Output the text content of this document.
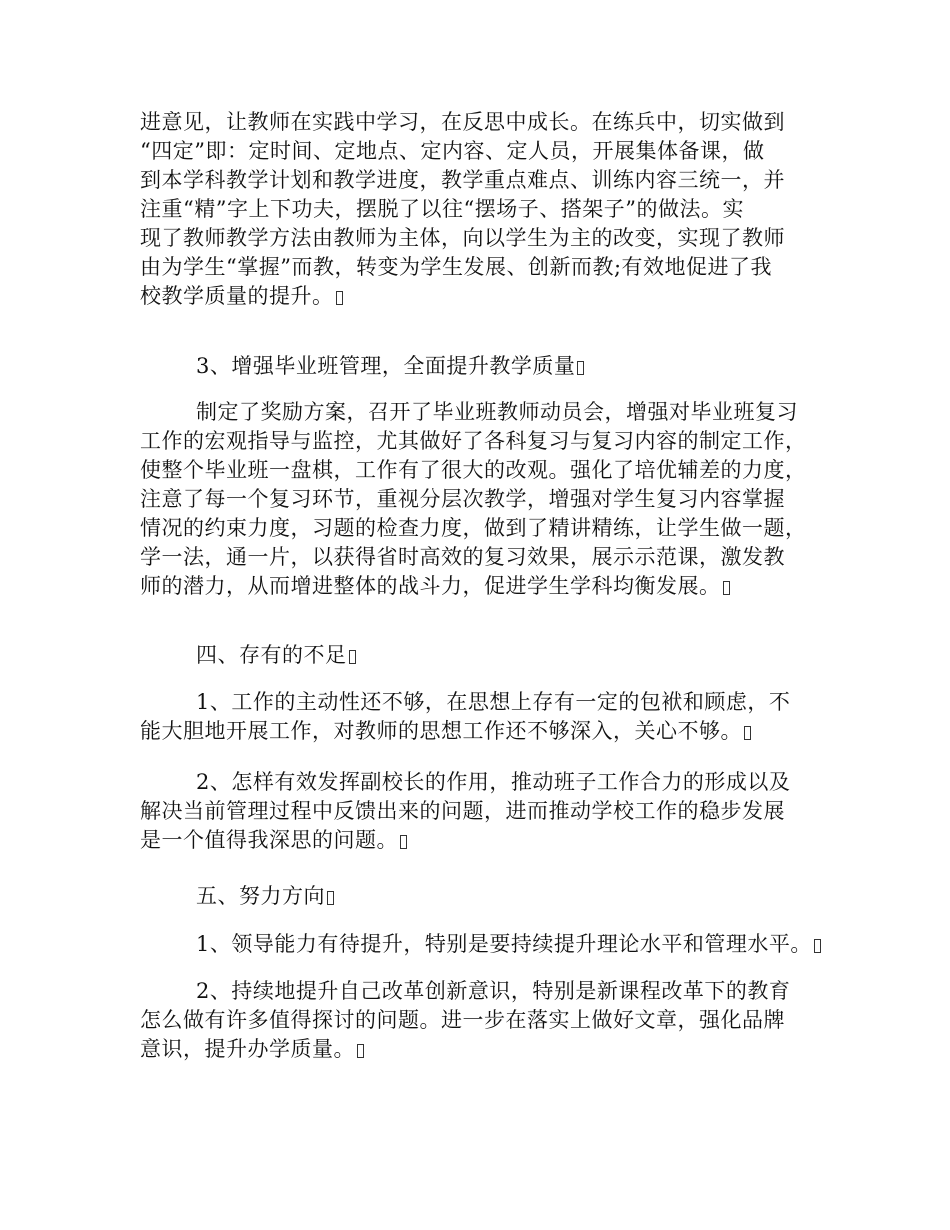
进意见，让教师在实践中学习，在反思中成长。在练兵中，切实做到
“四定”即：定时间、定地点、定内容、定人员，开展集体备课，做
到本学科教学计划和教学进度，教学重点难点、训练内容三统一，并
注重“精”字上下功夫，摆脱了以往“摆场子、搭架子”的做法。实
现了教师教学方法由教师为主体，向以学生为主的改变，实现了教师
由为学生“掌握”而教，转变为学生发展、创新而教;有效地促进了我
校教学质量的提升。
3、增强毕业班管理，全面提升教学质量
制定了奖励方案，召开了毕业班教师动员会，增强对毕业班复习
工作的宏观指导与监控，尤其做好了各科复习与复习内容的制定工作，
使整个毕业班一盘棋，工作有了很大的改观。强化了培优辅差的力度，
注意了每一个复习环节，重视分层次教学，增强对学生复习内容掌握
情况的约束力度，习题的检查力度，做到了精讲精练，让学生做一题，
学一法，通一片，以获得省时高效的复习效果，展示示范课，激发教
师的潜力，从而增进整体的战斗力，促进学生学科均衡发展。
四、存有的不足
1、工作的主动性还不够，在思想上存有一定的包袱和顾虑，不
能大胆地开展工作，对教师的思想工作还不够深入，关心不够。
2、怎样有效发挥副校长的作用，推动班子工作合力的形成以及
解决当前管理过程中反馈出来的问题，进而推动学校工作的稳步发展
是一个值得我深思的问题。
五、努力方向
1、领导能力有待提升，特别是要持续提升理论水平和管理水平。
2、持续地提升自己改革创新意识，特别是新课程改革下的教育
怎么做有许多值得探讨的问题。进一步在落实上做好文章，强化品牌
意识，提升办学质量。
